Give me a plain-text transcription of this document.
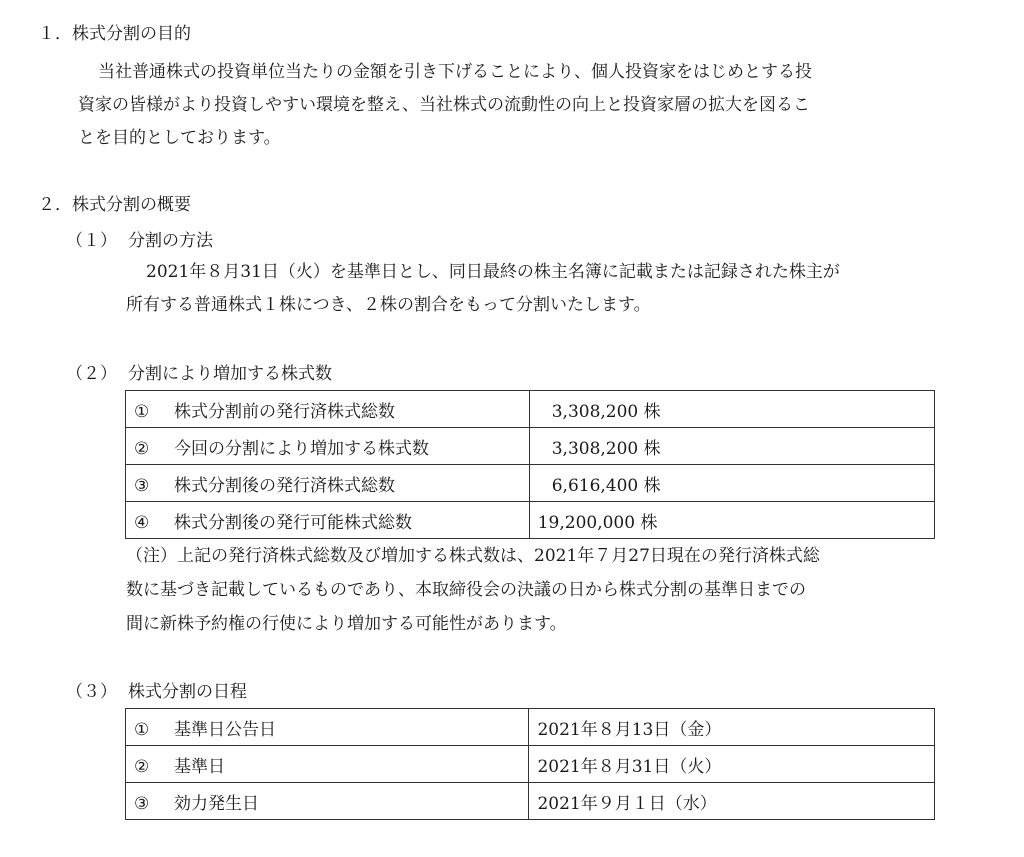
１．株式分割の目的
当社普通株式の投資単位当たりの金額を引き下げることにより、個人投資家をはじめとする投
資家の皆様がより投資しやすい環境を整え、当社株式の流動性の向上と投資家層の拡大を図るこ
とを目的としております。
２．株式分割の概要
（１） 分割の方法
2021年８月31日（火）を基準日とし、同日最終の株主名簿に記載または記録された株主が
所有する普通株式１株につき、２株の割合をもって分割いたします。
（２） 分割により増加する株式数
① 株式分割前の発行済株式総数	3,308,200 株
② 今回の分割により増加する株式数	3,308,200 株
③ 株式分割後の発行済株式総数	6,616,400 株
④ 株式分割後の発行可能株式総数	19,200,000 株
（注）上記の発行済株式総数及び増加する株式数は、2021年７月27日現在の発行済株式総
数に基づき記載しているものであり、本取締役会の決議の日から株式分割の基準日までの
間に新株予約権の行使により増加する可能性があります。
（３） 株式分割の日程
① 基準日公告日	2021年８月13日（金）
② 基準日	2021年８月31日（火）
③ 効力発生日	2021年９月１日（水）
